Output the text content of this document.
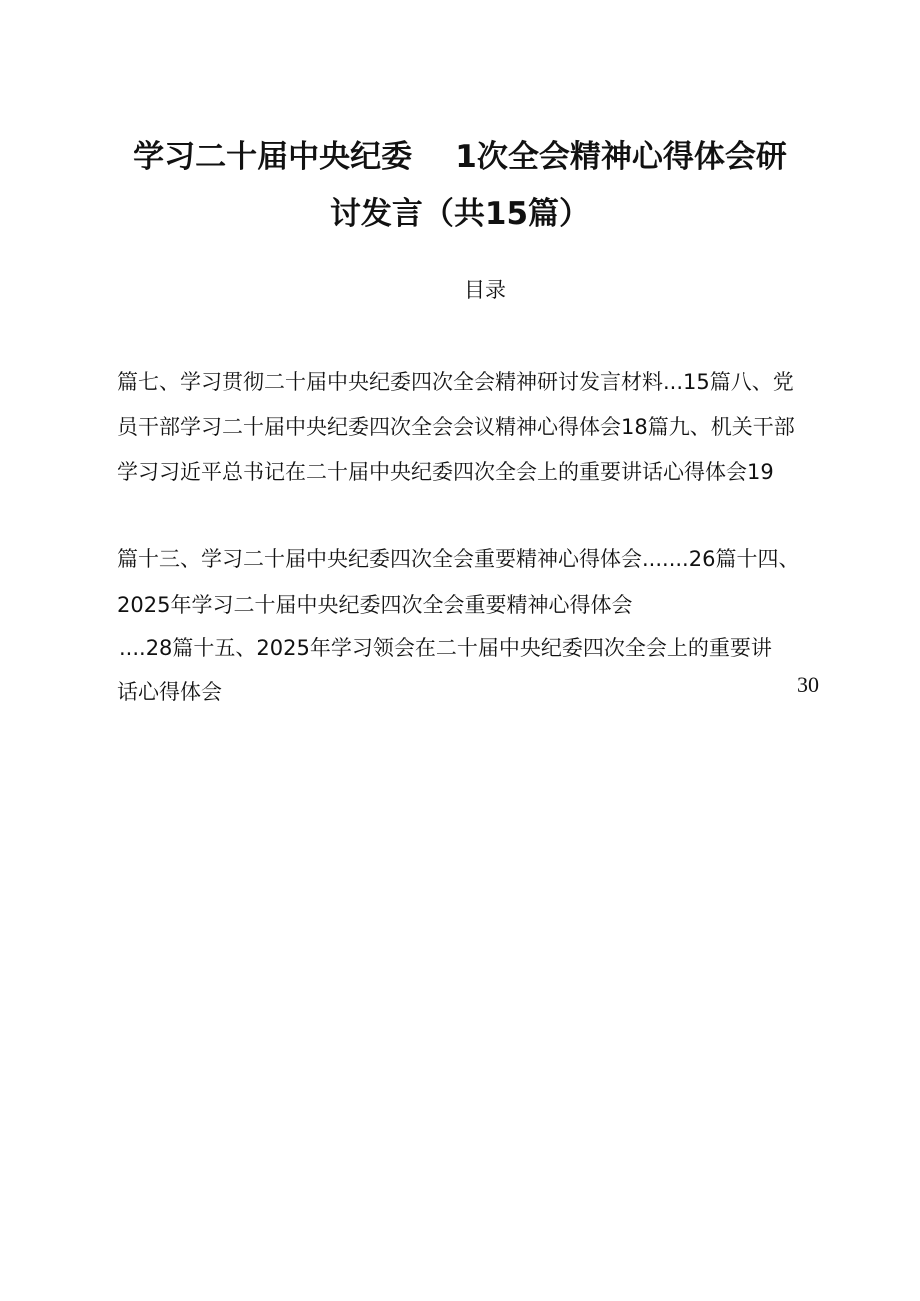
学习二十届中央纪委    1次全会精神心得体会研
讨发言（共15篇）
目录
篇七、学习贯彻二十届中央纪委四次全会精神研讨发言材料...15篇八、党
员干部学习二十届中央纪委四次全会会议精神心得体会18篇九、机关干部
学习习近平总书记在二十届中央纪委四次全会上的重要讲话心得体会19
篇十三、学习二十届中央纪委四次全会重要精神心得体会.......26篇十四、
2025年学习二十届中央纪委四次全会重要精神心得体会
....28篇十五、2025年学习领会在二十届中央纪委四次全会上的重要讲
话心得体会	30
